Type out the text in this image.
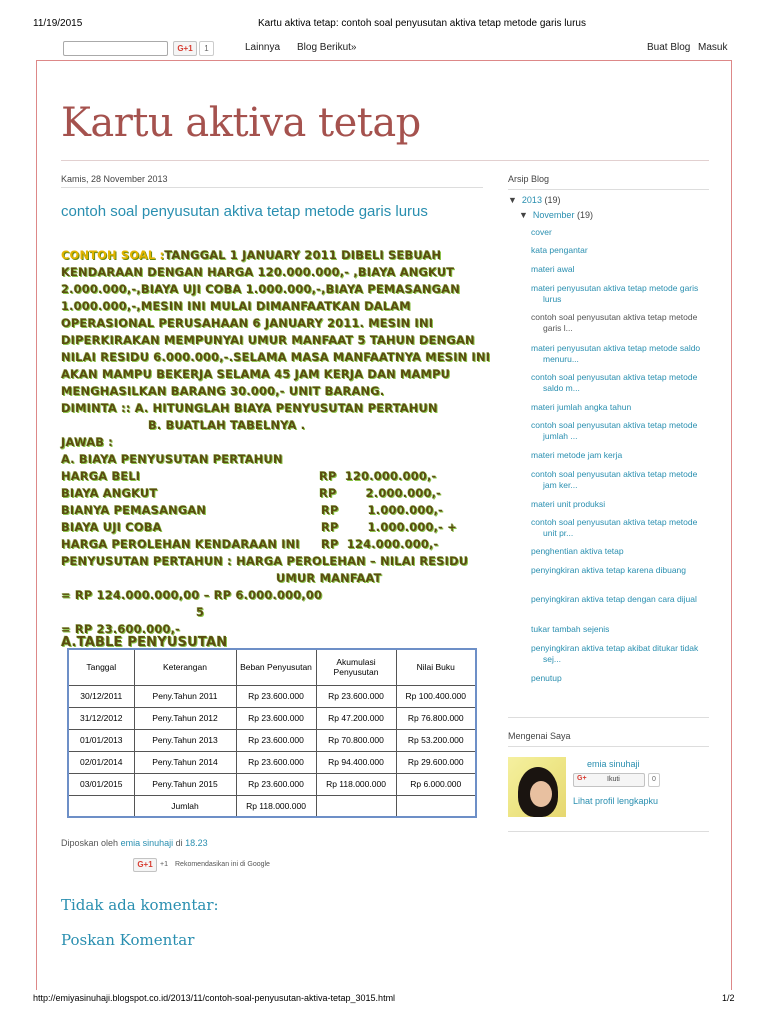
11/19/2015	Kartu aktiva tetap: contoh soal penyusutan aktiva tetap metode garis lurus
G+1	1	Lainnya Blog Berikut»	Buat Blog Masuk
Kartu aktiva tetap
Kamis, 28 November 2013
contoh soal penyusutan aktiva tetap metode garis lurus
CONTOH SOAL :TANGGAL 1 JANUARY 2011 DIBELI SEBUAH
KENDARAAN DENGAN HARGA 120.000.000,- ,BIAYA ANGKUT
2.000.000,-,BIAYA UJI COBA 1.000.000,-,BIAYA PEMASANGAN
1.000.000,-,MESIN INI MULAI DIMANFAATKAN DALAM
OPERASIONAL PERUSAHAAN 6 JANUARY 2011. MESIN INI
DIPERKIRAKAN MEMPUNYAI UMUR MANFAAT 5 TAHUN DENGAN
NILAI RESIDU 6.000.000,-.SELAMA MASA MANFAATNYA MESIN INI
AKAN MAMPU BEKERJA SELAMA 45 JAM KERJA DAN MAMPU
MENGHASILKAN BARANG 30.000,- UNIT BARANG.
DIMINTA :: A. HITUNGLAH BIAYA PENYUSUTAN PERTAHUN
B. BUATLAH TABELNYA .
JAWAB :
A. BIAYA PENYUSUTAN PERTAHUN
HARGA BELI	RP  120.000.000,-
BIAYA ANGKUT	RP       2.000.000,-
BIANYA PEMASANGAN	RP       1.000.000,-
BIAYA UJI COBA	RP       1.000.000,- +
HARGA PEROLEHAN KENDARAAN INI RP  124.000.000,-
PENYUSUTAN PERTAHUN : HARGA PEROLEHAN – NILAI RESIDU
UMUR MANFAAT
= RP 124.000.000,00 – RP 6.000.000,00
5
= RP 23.600.000,-
A.TABLE PENYUSUTAN
Tanggal	Keterangan	Beban Penyusutan	Akumulasi Penyusutan	Nilai Buku
30/12/2011	Peny.Tahun 2011	Rp 23.600.000	Rp 23.600.000	Rp 100.400.000
31/12/2012	Peny.Tahun 2012	Rp 23.600.000	Rp 47.200.000	Rp 76.800.000
01/01/2013	Peny.Tahun 2013	Rp 23.600.000	Rp 70.800.000	Rp 53.200.000
02/01/2014	Peny.Tahun 2014	Rp 23.600.000	Rp 94.400.000	Rp 29.600.000
03/01/2015	Peny.Tahun 2015	Rp 23.600.000	Rp 118.000.000	Rp 6.000.000
	Jumlah	Rp 118.000.000		
Diposkan oleh emia sinuhaji di 18.23
G+1	+1 Rekomendasikan ini di Google
Tidak ada komentar:
Poskan Komentar
Arsip Blog
▼ 2013 (19)
▼ November (19)
cover
kata pengantar
materi awal
materi penyusutan aktiva tetap metode garis lurus
contoh soal penyusutan aktiva tetap metode garis l...
materi penyusutan aktiva tetap metode saldo menuru...
contoh soal penyusutan aktiva tetap metode saldo m...
materi jumlah angka tahun
contoh soal penyusutan aktiva tetap metode jumlah ...
materi metode jam kerja
contoh soal penyusutan aktiva tetap metode jam ker...
materi unit produksi
contoh soal penyusutan aktiva tetap metode unit pr...
penghentian aktiva tetap
penyingkiran aktiva tetap karena dibuang
penyingkiran aktiva tetap dengan cara dijual
tukar tambah sejenis
penyingkiran aktiva tetap akibat ditukar tidak sej...
penutup
Mengenai Saya
emia sinuhaji
G+	Ikuti	0
Lihat profil lengkapku
http://emiyasinuhaji.blogspot.co.id/2013/11/contoh-soal-penyusutan-aktiva-tetap_3015.html	1/2
